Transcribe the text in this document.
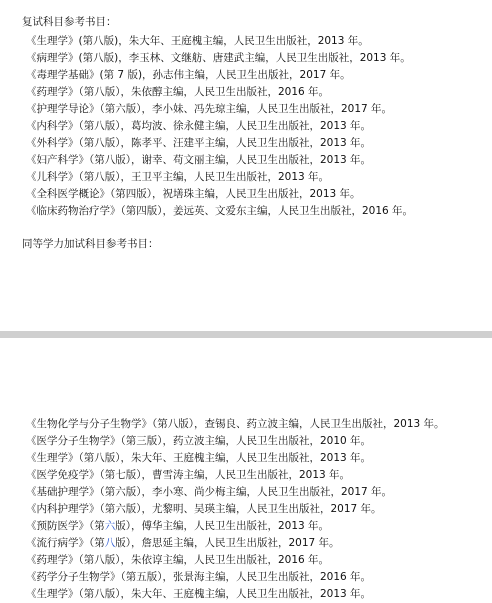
复试科目参考书目：
《生理学》(第八版)，朱大年、王庭槐主编，人民卫生出版社，2013 年。
《病理学》(第八版)，李玉林、文继舫、唐建武主编，人民卫生出版社，2013 年。
《毒理学基础》(第 7 版)，孙志伟主编，人民卫生出版社，2017 年。
《药理学》（第八版），朱依醇主编，人民卫生出版社，2016 年。
《护理学导论》（第六版），李小妹、冯先琼主编，人民卫生出版社，2017 年。
《内科学》（第八版），葛均波、徐永健主编，人民卫生出版社，2013 年。
《外科学》（第八版），陈孝平、汪建平主编，人民卫生出版社，2013 年。
《妇产科学》（第八版），谢幸、苟文丽主编，人民卫生出版社，2013 年。
《儿科学》（第八版），王卫平主编，人民卫生出版社，2013 年。
《全科医学概论》（第四版），祝墡珠主编，人民卫生出版社，2013 年。
《临床药物治疗学》（第四版），姜远英、文爱东主编，人民卫生出版社，2016 年。
同等学力加试科目参考书目：
《生物化学与分子生物学》（第八版），查锡良、药立波主编，人民卫生出版社，2013 年。
《医学分子生物学》（第三版），药立波主编，人民卫生出版社，2010 年。
《生理学》（第八版），朱大年、王庭槐主编，人民卫生出版社，2013 年。
《医学免疫学》（第七版），曹雪涛主编，人民卫生出版社，2013 年。
《基础护理学》（第六版），李小寒、尚少梅主编，人民卫生出版社，2017 年。
《内科护理学》（第六版），尤黎明、吴瑛主编，人民卫生出版社，2017 年。
《预防医学》（第六版），傅华主编，人民卫生出版社，2013 年。
《流行病学》（第八版），詹思延主编，人民卫生出版社，2017 年。
《药理学》（第八版），朱依谆主编，人民卫生出版社，2016 年。
《药学分子生物学》（第五版），张景海主编，人民卫生出版社，2016 年。
《生理学》（第八版），朱大年、王庭槐主编，人民卫生出版社，2013 年。
